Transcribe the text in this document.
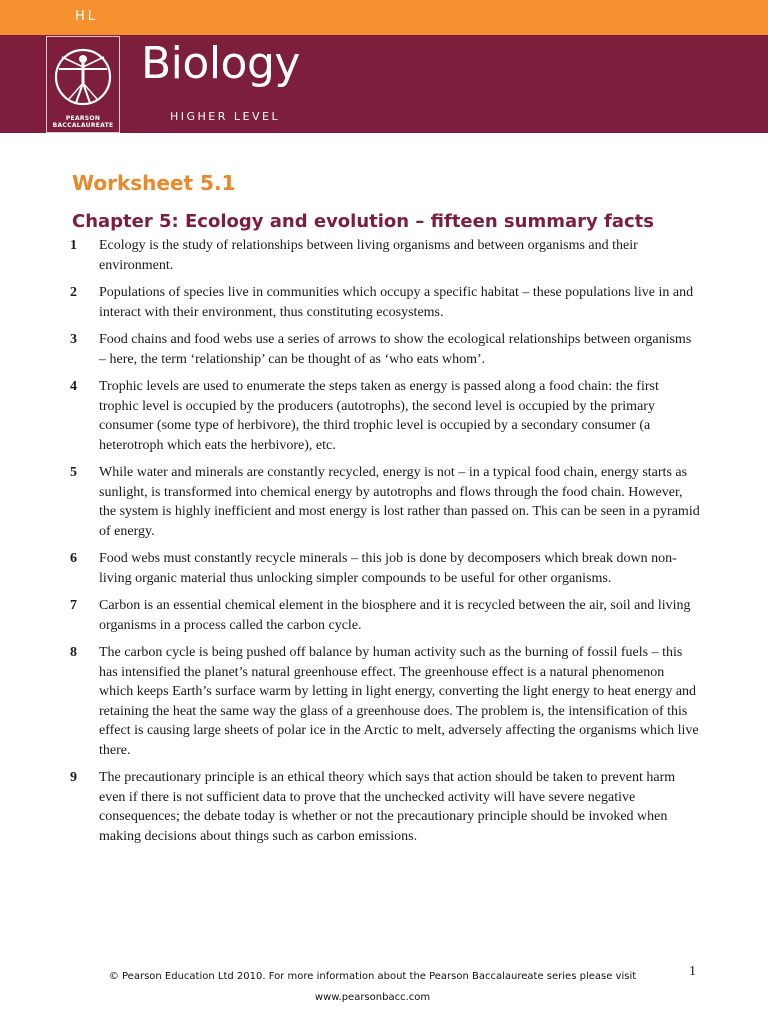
HL
PEARSON
BACCALAUREATE
Biology
HIGHER LEVEL
Worksheet 5.1
Chapter 5: Ecology and evolution – fifteen summary facts
1	Ecology is the study of relationships between living organisms and between organisms and their environment.
2	Populations of species live in communities which occupy a specific habitat – these populations live in and interact with their environment, thus constituting ecosystems.
3	Food chains and food webs use a series of arrows to show the ecological relationships between organisms – here, the term ‘relationship’ can be thought of as ‘who eats whom’.
4	Trophic levels are used to enumerate the steps taken as energy is passed along a food chain: the first trophic level is occupied by the producers (autotrophs), the second level is occupied by the primary consumer (some type of herbivore), the third trophic level is occupied by a secondary consumer (a heterotroph which eats the herbivore), etc.
5	While water and minerals are constantly recycled, energy is not – in a typical food chain, energy starts as sunlight, is transformed into chemical energy by autotrophs and flows through the food chain. However, the system is highly inefficient and most energy is lost rather than passed on. This can be seen in a pyramid of energy.
6	Food webs must constantly recycle minerals – this job is done by decomposers which break down non-living organic material thus unlocking simpler compounds to be useful for other organisms.
7	Carbon is an essential chemical element in the biosphere and it is recycled between the air, soil and living organisms in a process called the carbon cycle.
8	The carbon cycle is being pushed off balance by human activity such as the burning of fossil fuels – this has intensified the planet’s natural greenhouse effect. The greenhouse effect is a natural phenomenon which keeps Earth’s surface warm by letting in light energy, converting the light energy to heat energy and retaining the heat the same way the glass of a greenhouse does. The problem is, the intensification of this effect is causing large sheets of polar ice in the Arctic to melt, adversely affecting the organisms which live there.
9	The precautionary principle is an ethical theory which says that action should be taken to prevent harm even if there is not sufficient data to prove that the unchecked activity will have severe negative consequences; the debate today is whether or not the precautionary principle should be invoked when making decisions about things such as carbon emissions.
© Pearson Education Ltd 2010. For more information about the Pearson Baccalaureate series please visit
www.pearsonbacc.com
1
